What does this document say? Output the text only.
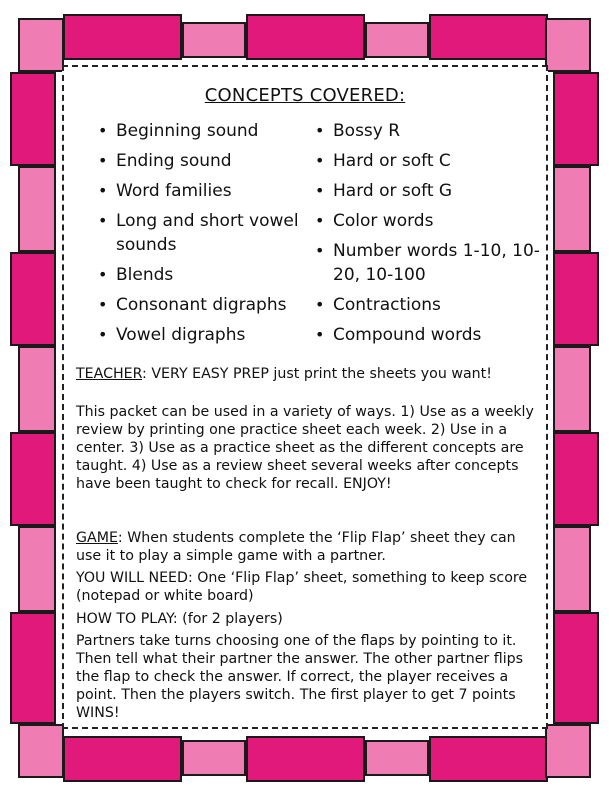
CONCEPTS COVERED:
• Beginning sound
• Ending sound
• Word families
• Long and short vowel sounds
• Blends
• Consonant digraphs
• Vowel digraphs
• Bossy R
• Hard or soft C
• Hard or soft G
• Color words
• Number words 1-10, 10-20, 10-100
• Contractions
• Compound words

TEACHER: VERY EASY PREP just print the sheets you want!

This packet can be used in a variety of ways. 1) Use as a weekly review by printing one practice sheet each week. 2) Use in a center. 3) Use as a practice sheet as the different concepts are taught. 4) Use as a review sheet several weeks after concepts have been taught to check for recall. ENJOY!

GAME: When students complete the ‘Flip Flap’ sheet they can use it to play a simple game with a partner.

YOU WILL NEED: One ‘Flip Flap’ sheet, something to keep score (notepad or white board)

HOW TO PLAY: (for 2 players)

Partners take turns choosing one of the flaps by pointing to it. Then tell what their partner the answer. The other partner flips the flap to check the answer. If correct, the player receives a point. Then the players switch. The first player to get 7 points WINS!
